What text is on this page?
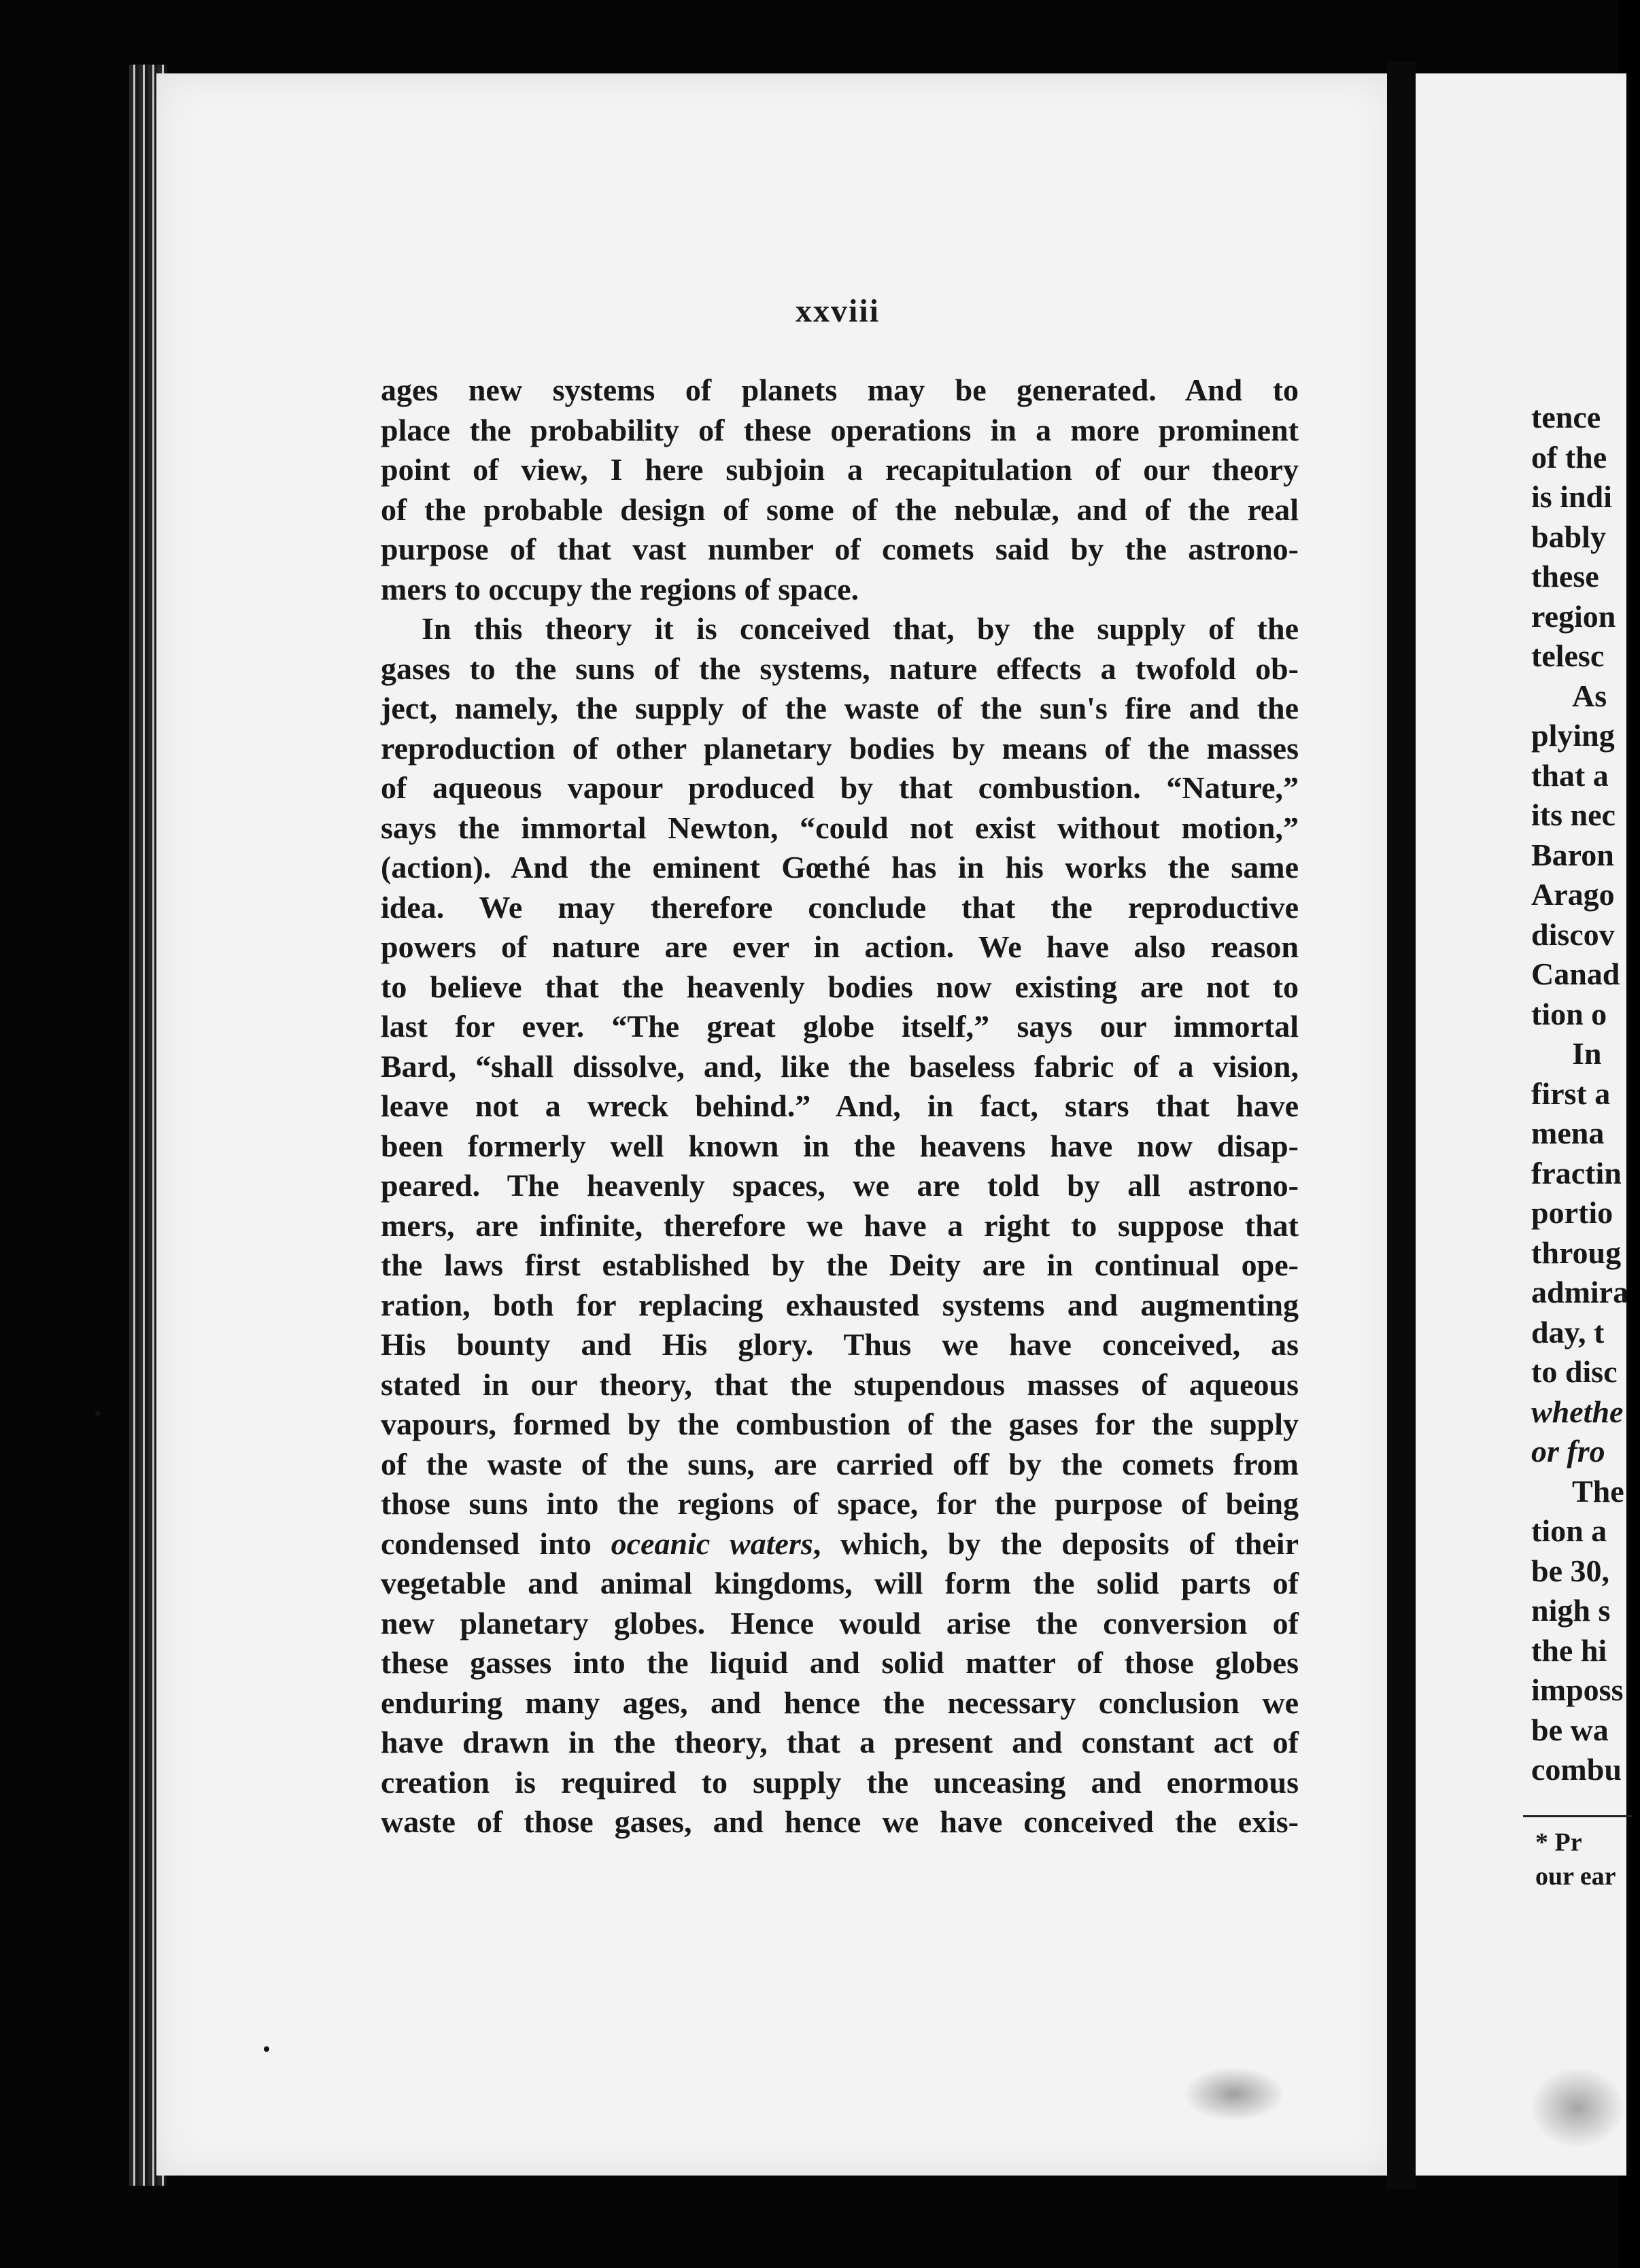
xxviii
ages new systems of planets may be generated. And to
place the probability of these operations in a more prominent
point of view, I here subjoin a recapitulation of our theory
of the probable design of some of the nebulæ, and of the real
purpose of that vast number of comets said by the astrono-
mers to occupy the regions of space.
In this theory it is conceived that, by the supply of the
gases to the suns of the systems, nature effects a twofold ob-
ject, namely, the supply of the waste of the sun's fire and the
reproduction of other planetary bodies by means of the masses
of aqueous vapour produced by that combustion. “Nature,”
says the immortal Newton, “could not exist without motion,”
(action). And the eminent Gœthé has in his works the same
idea. We may therefore conclude that the reproductive
powers of nature are ever in action. We have also reason
to believe that the heavenly bodies now existing are not to
last for ever. “The great globe itself,” says our immortal
Bard, “shall dissolve, and, like the baseless fabric of a vision,
leave not a wreck behind.” And, in fact, stars that have
been formerly well known in the heavens have now disap-
peared. The heavenly spaces, we are told by all astrono-
mers, are infinite, therefore we have a right to suppose that
the laws first established by the Deity are in continual ope-
ration, both for replacing exhausted systems and augmenting
His bounty and His glory. Thus we have conceived, as
stated in our theory, that the stupendous masses of aqueous
vapours, formed by the combustion of the gases for the supply
of the waste of the suns, are carried off by the comets from
those suns into the regions of space, for the purpose of being
condensed into oceanic waters, which, by the deposits of their
vegetable and animal kingdoms, will form the solid parts of
new planetary globes. Hence would arise the conversion of
these gasses into the liquid and solid matter of those globes
enduring many ages, and hence the necessary conclusion we
have drawn in the theory, that a present and constant act of
creation is required to supply the unceasing and enormous
waste of those gases, and hence we have conceived the exis-
tence
of the
is indi
bably
these
region
telesc
As
plying
that a
its nec
Baron
Arago
discov
Canad
tion o
In
first a
mena
fractin
portio
throug
admira
day, t
to disc
whethe
or fro
The
tion a
be 30,
nigh s
the hi
imposs
be wa
combu
* Pr
our ear
